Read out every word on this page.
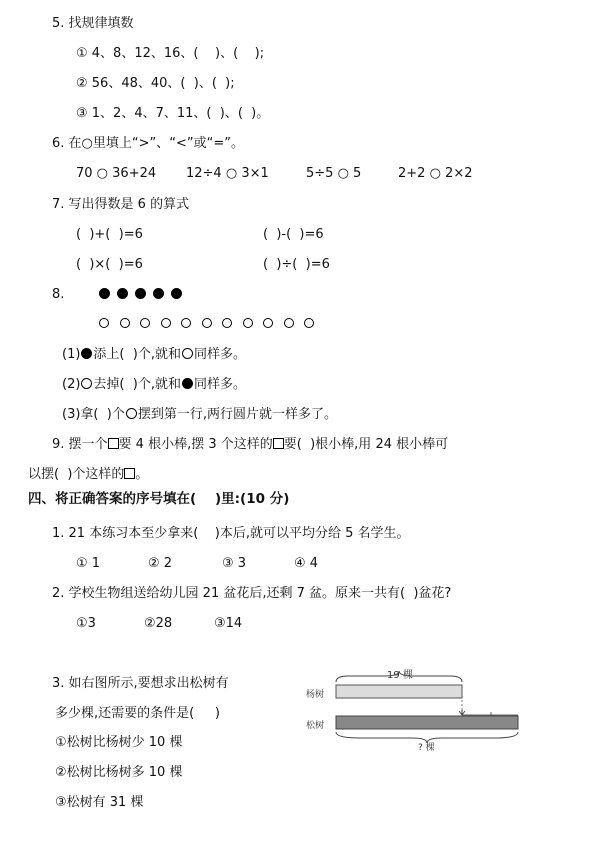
5. 找规律填数
① 4、8、12、16、(    )、(    );
② 56、48、40、(  )、(  );
③ 1、2、4、7、11、(  )、(  )。
6. 在○里填上“>”、“<”或“=”。
70 ○ 36+24 12÷4 ○ 3×1	5÷5 ○ 5	2+2 ○ 2×2
7. 写出得数是 6 的算式
(  )+(  )=6	(  )-(  )=6
(  )×(  )=6	(  )÷(  )=6
8.
(1) 添上(  )个,就和 同样多。
(2) 去掉(  )个,就和 同样多。
(3)拿(  )个 摆到第一行,两行圆片就一样多了。
9. 摆一个 要 4 根小棒,摆 3 个这样的 要(  )根小棒,用 24 根小棒可
以摆(  )个这样的 。
四、将正确答案的序号填在(    )里:(10 分)
1. 21 本练习本至少拿来(    )本后,就可以平均分给 5 名学生。
① 1	② 2	③ 3	④ 4
2. 学校生物组送给幼儿园 21 盆花后,还剩 7 盆。原来一共有(  )盆花?
①3	②28	③14
3. 如右图所示,要想求出松树有
多少棵,还需要的条件是(     )
①松树比杨树少 10 棵
②松树比杨树多 10 棵
③松树有 31 棵
19 棵
杨树
松树
? 棵
